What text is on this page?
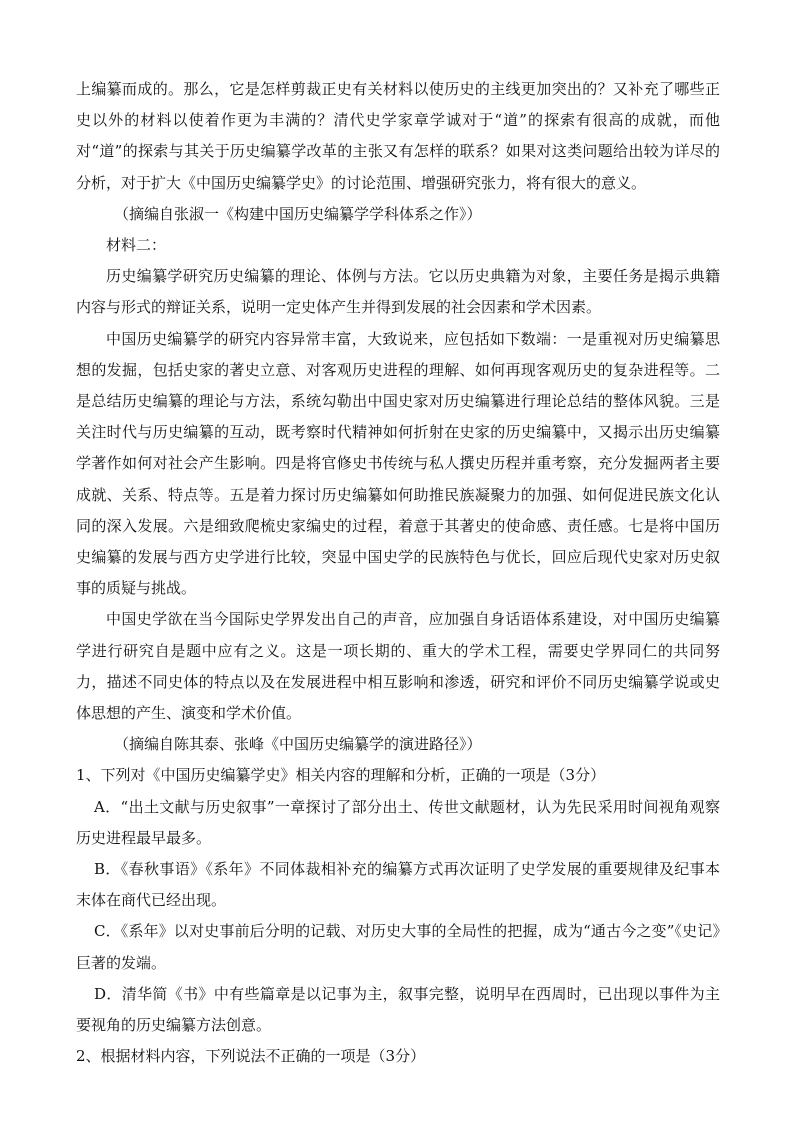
上编纂而成的。那么，它是怎样剪裁正史有关材料以使历史的主线更加突出的？又补充了哪些正史以外的材料以使着作更为丰满的？清代史学家章学诚对于“道”的探索有很高的成就，而他对“道”的探索与其关于历史编纂学改革的主张又有怎样的联系？如果对这类问题给出较为详尽的分析，对于扩大《中国历史编纂学史》的讨论范围、增强研究张力，将有很大的意义。

（摘编自张淑一《构建中国历史编纂学学科体系之作》）

材料二：

历史编纂学研究历史编纂的理论、体例与方法。它以历史典籍为对象，主要任务是揭示典籍内容与形式的辩证关系，说明一定史体产生并得到发展的社会因素和学术因素。

中国历史编纂学的研究内容异常丰富，大致说来，应包括如下数端：一是重视对历史编纂思想的发掘，包括史家的著史立意、对客观历史进程的理解、如何再现客观历史的复杂进程等。二是总结历史编纂的理论与方法，系统勾勒出中国史家对历史编纂进行理论总结的整体风貌。三是关注时代与历史编纂的互动，既考察时代精神如何折射在史家的历史编纂中，又揭示出历史编纂学著作如何对社会产生影响。四是将官修史书传统与私人撰史历程并重考察，充分发掘两者主要成就、关系、特点等。五是着力探讨历史编纂如何助推民族凝聚力的加强、如何促进民族文化认同的深入发展。六是细致爬梳史家编史的过程，着意于其著史的使命感、责任感。七是将中国历史编纂的发展与西方史学进行比较，突显中国史学的民族特色与优长，回应后现代史家对历史叙事的质疑与挑战。

中国史学欲在当今国际史学界发出自己的声音，应加强自身话语体系建设，对中国历史编纂学进行研究自是题中应有之义。这是一项长期的、重大的学术工程，需要史学界同仁的共同努力，描述不同史体的特点以及在发展进程中相互影响和渗透，研究和评价不同历史编纂学说或史体思想的产生、演变和学术价值。

（摘编自陈其泰、张峰《中国历史编纂学的演进路径》）

1、下列对《中国历史编纂学史》相关内容的理解和分析，正确的一项是（3分）

A．“出土文献与历史叙事”一章探讨了部分出土、传世文献题材，认为先民采用时间视角观察历史进程最早最多。

B．《春秋事语》《系年》不同体裁相补充的编纂方式再次证明了史学发展的重要规律及纪事本末体在商代已经出现。

C．《系年》以对史事前后分明的记载、对历史大事的全局性的把握，成为“通古今之变”《史记》巨著的发端。

D．清华简《书》中有些篇章是以记事为主，叙事完整，说明早在西周时，已出现以事件为主要视角的历史编纂方法创意。

2、根据材料内容，下列说法不正确的一项是（3分）
